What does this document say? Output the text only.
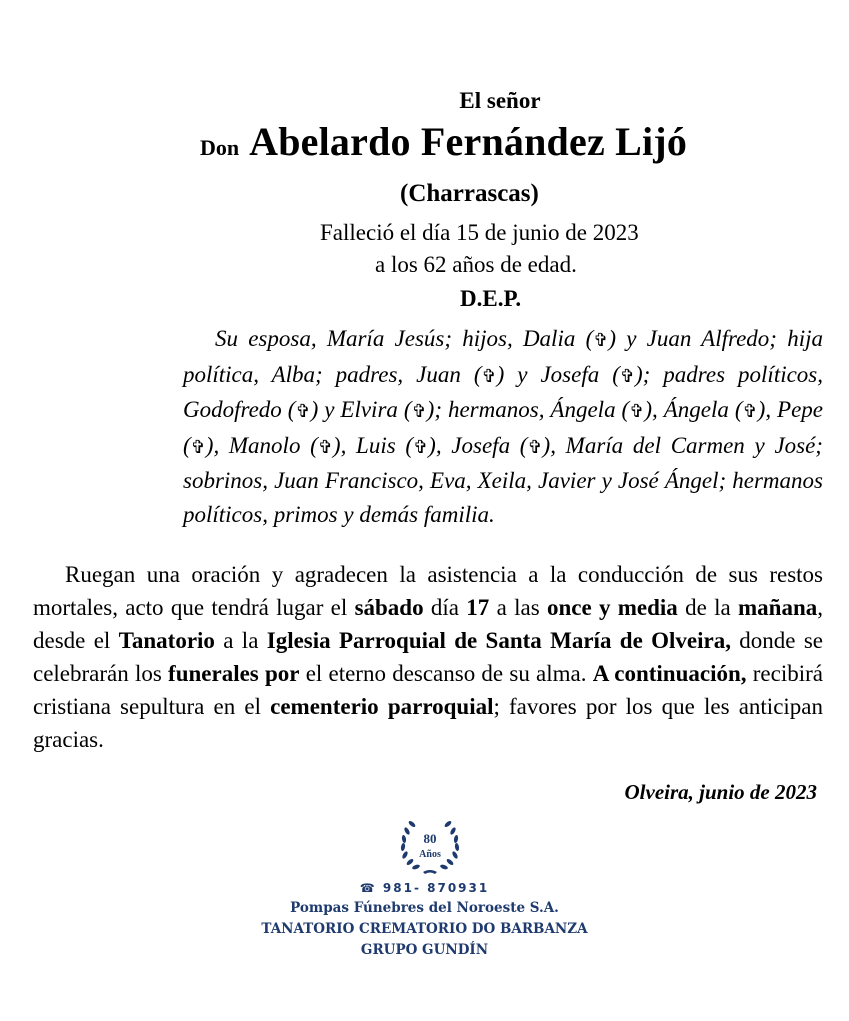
El señor
Don Abelardo Fernández Lijó
(Charrascas)
Falleció el día 15 de junio de 2023
a los 62 años de edad.
D.E.P.
Su esposa, María Jesús; hijos, Dalia (✞) y Juan Alfredo; hija política, Alba; padres, Juan (✞) y Josefa (✞); padres políticos, Godofredo (✞) y Elvira (✞); hermanos, Ángela (✞), Ángela (✞), Pepe (✞), Manolo (✞), Luis (✞), Josefa (✞), María del Carmen y José; sobrinos, Juan Francisco, Eva, Xeila, Javier y José Ángel; hermanos políticos, primos y demás familia.
Ruegan una oración y agradecen la asistencia a la conducción de sus restos mortales, acto que tendrá lugar el sábado día 17 a las once y media de la mañana, desde el Tanatorio a la Iglesia Parroquial de Santa María de Olveira, donde se celebrarán los funerales por el eterno descanso de su alma. A continuación, recibirá cristiana sepultura en el cementerio parroquial; favores por los que les anticipan gracias.
Olveira, junio de 2023
80
Años
☎ 981- 870931
Pompas Fúnebres del Noroeste S.A.
TANATORIO CREMATORIO DO BARBANZA
GRUPO GUNDÍN
